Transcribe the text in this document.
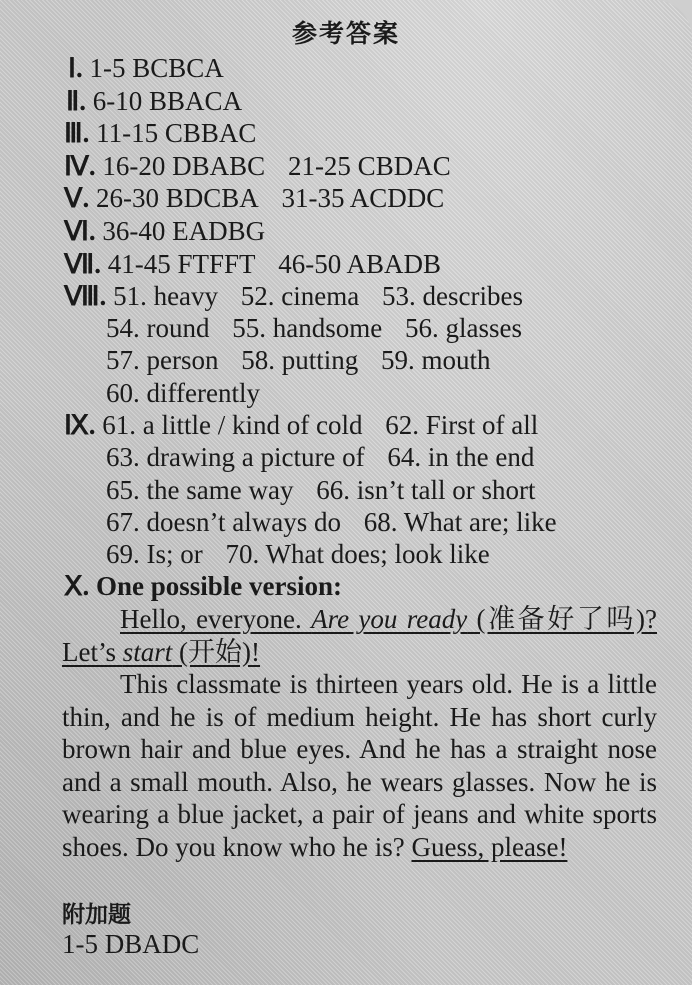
参考答案
Ⅰ. 1-5 BCBCA
Ⅱ. 6-10 BBACA
Ⅲ. 11-15 CBBAC
Ⅳ. 16-20 DBABC 21-25 CBDAC
Ⅴ. 26-30 BDCBA 31-35 ACDDC
Ⅵ. 36-40 EADBG
Ⅶ. 41-45 FTFFT 46-50 ABADB
Ⅷ. 51. heavy 52. cinema 53. describes
54. round 55. handsome 56. glasses
57. person 58. putting 59. mouth
60. differently
Ⅸ. 61. a little / kind of cold 62. First of all
63. drawing a picture of 64. in the end
65. the same way 66. isn’t tall or short
67. doesn’t always do 68. What are; like
69. Is; or 70. What does; look like
Ⅹ. One possible version:
Hello, everyone. Are you ready (准备好了吗)? Let’s start (开始)!
This classmate is thirteen years old. He is a little thin, and he is of medium height. He has short curly brown hair and blue eyes. And he has a straight nose and a small mouth. Also, he wears glasses. Now he is wearing a blue jacket, a pair of jeans and white sports shoes. Do you know who he is? Guess, please!
附加题
1-5 DBADC
